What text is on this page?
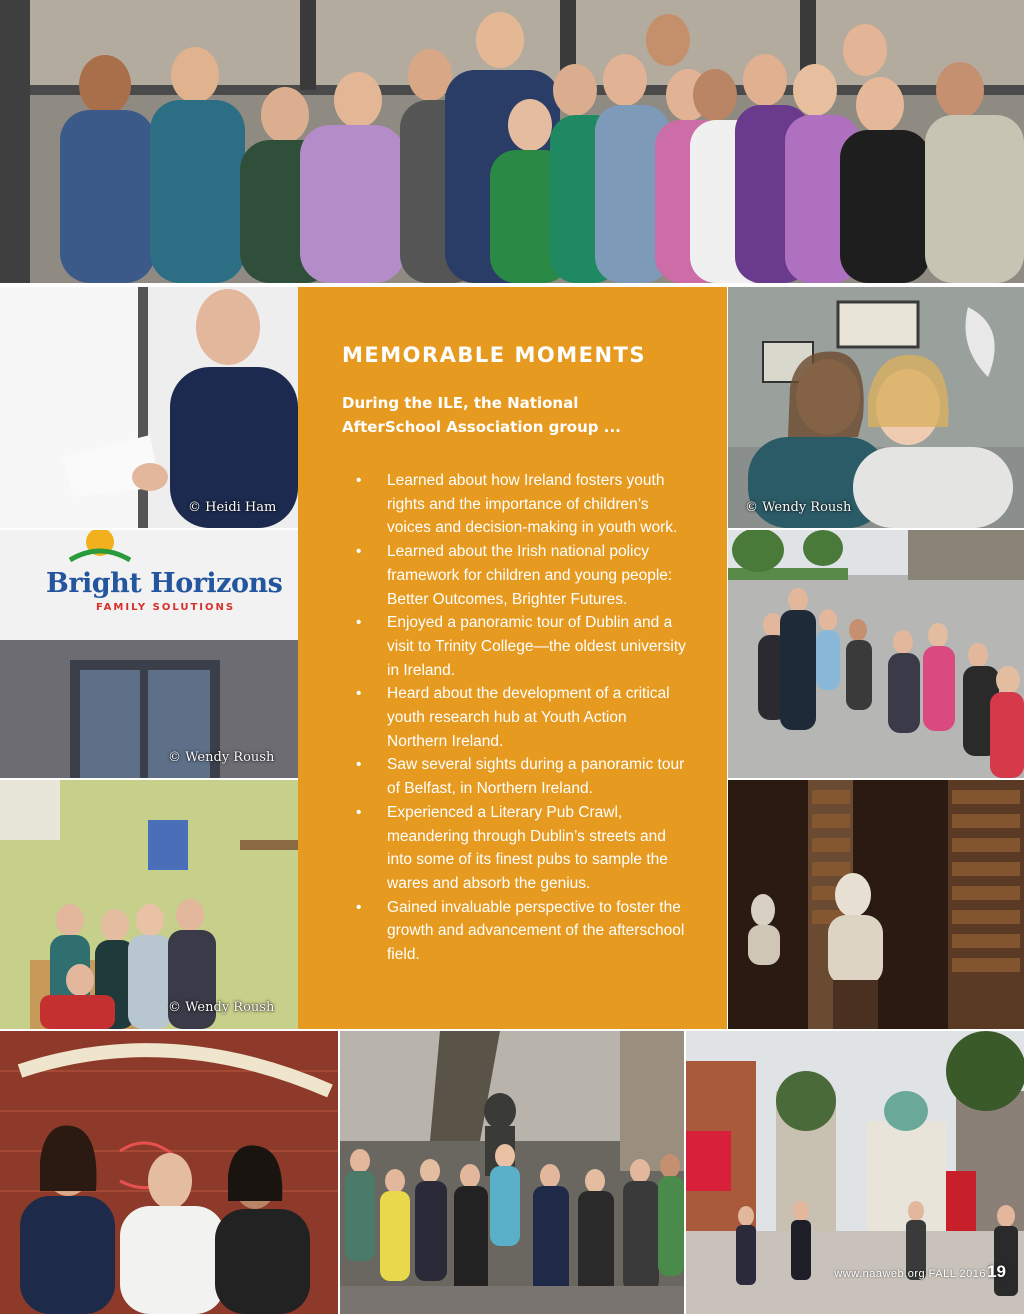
© Heidi Ham
Bright Horizons
FAMILY SOLUTIONS
© Wendy Roush
© Wendy Roush
MEMORABLE MOMENTS

During the ILE, the National AfterSchool Association group ...

• Learned about how Ireland fosters youth rights and the importance of children’s voices and decision-making in youth work.
• Learned about the Irish national policy framework for children and young people: Better Outcomes, Brighter Futures.
• Enjoyed a panoramic tour of Dublin and a visit to Trinity College—the oldest university in Ireland.
• Heard about the development of a critical youth research hub at Youth Action Northern Ireland.
• Saw several sights during a panoramic tour of Belfast, in Northern Ireland.
• Experienced a Literary Pub Crawl, meandering through Dublin’s streets and into some of its finest pubs to sample the wares and absorb the genius.
• Gained invaluable perspective to foster the growth and advancement of the afterschool field.
© Wendy Roush
www.naaweb.org FALL 2016 19
